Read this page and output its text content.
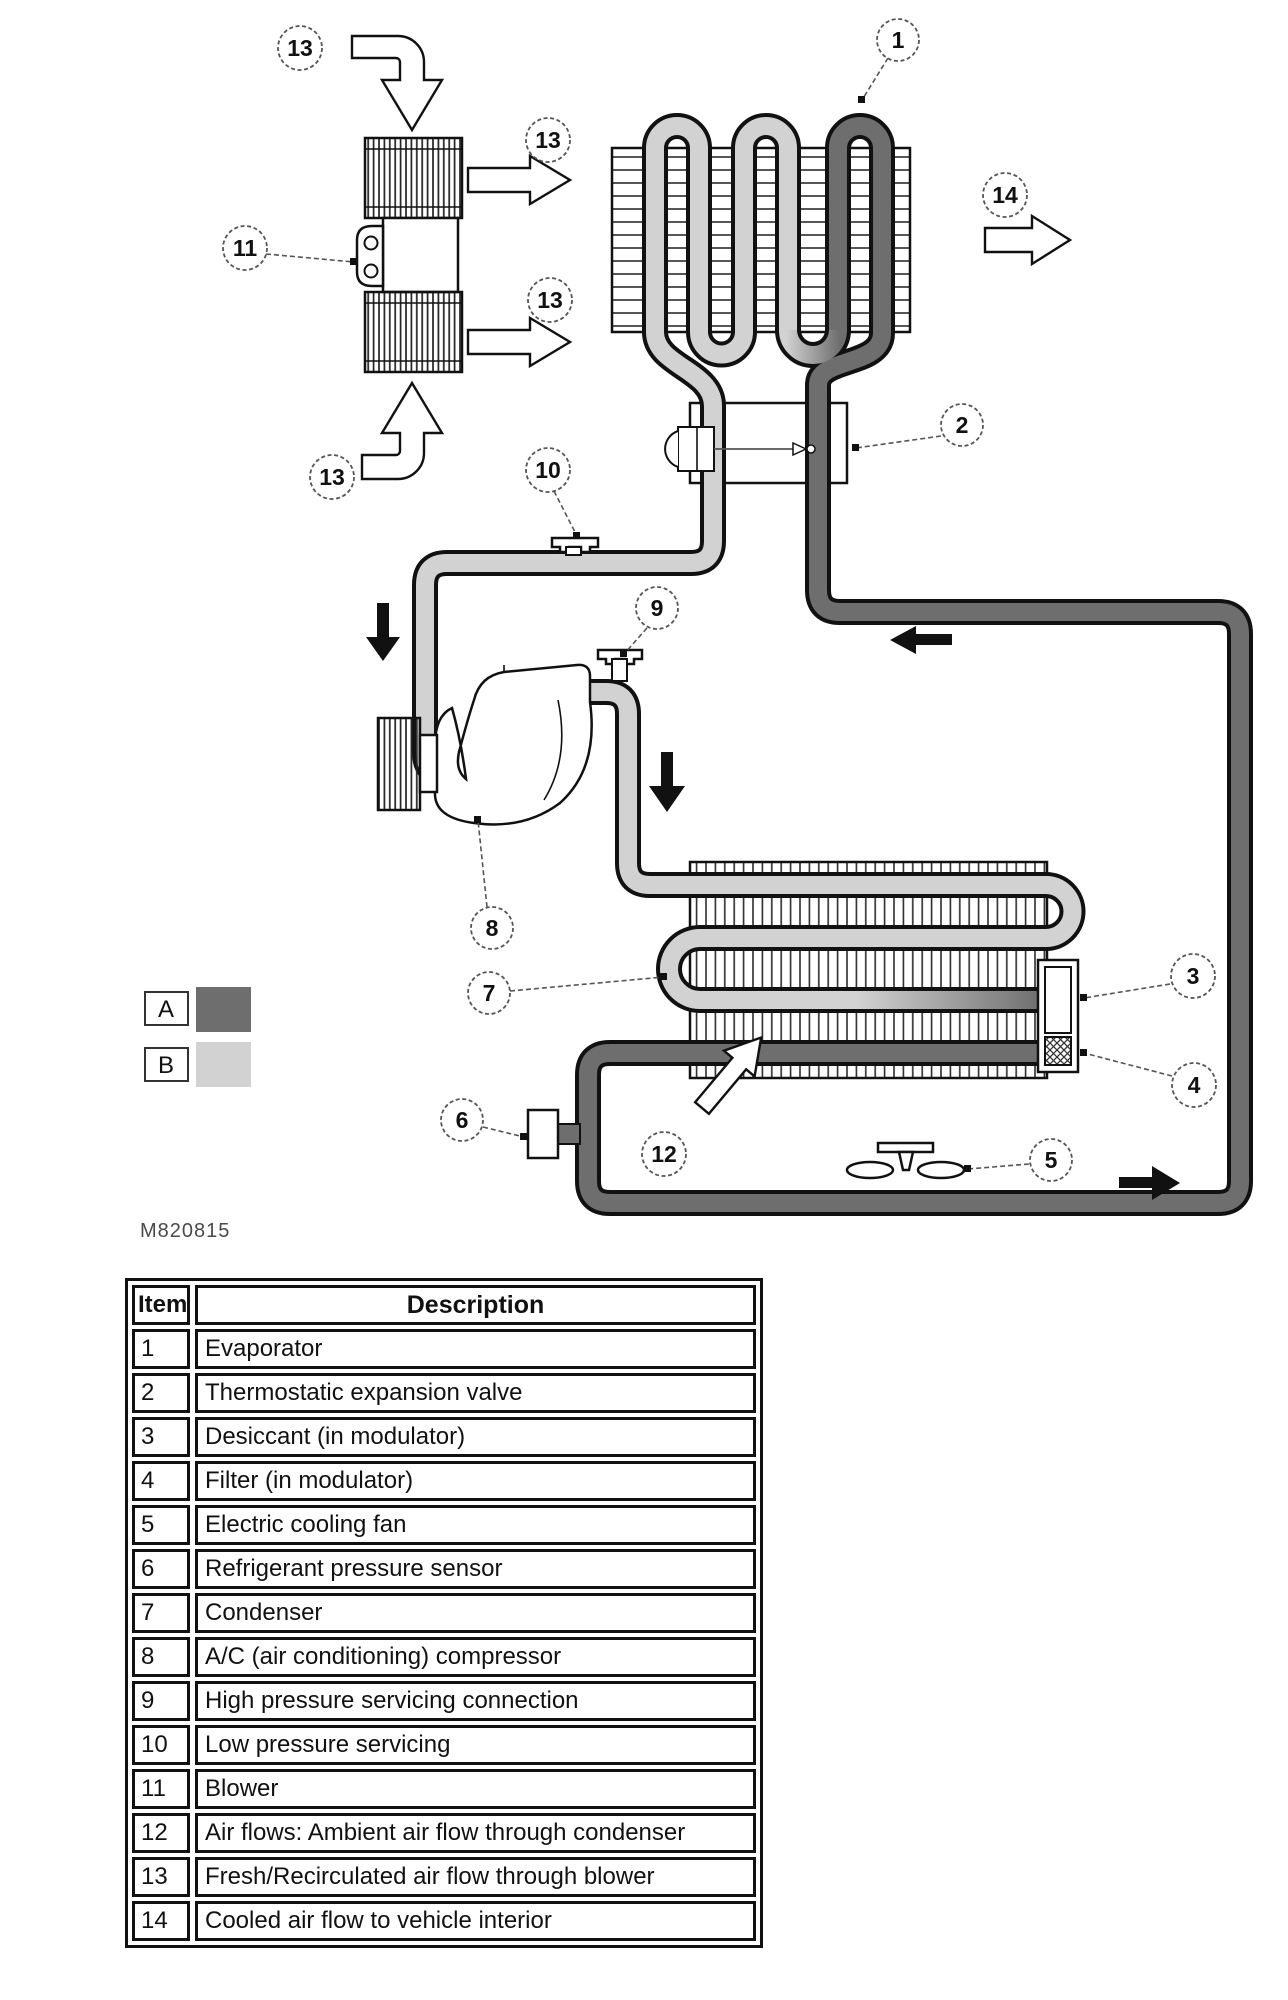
1
2
3
4
5
6
7
8
9
10
11
12
13
13
13
13
14
A
B
M820815
Item	Description
1	Evaporator
2	Thermostatic expansion valve
3	Desiccant (in modulator)
4	Filter (in modulator)
5	Electric cooling fan
6	Refrigerant pressure sensor
7	Condenser
8	A/C (air conditioning) compressor
9	High pressure servicing connection
10	Low pressure servicing
11	Blower
12	Air flows: Ambient air flow through condenser
13	Fresh/Recirculated air flow through blower
14	Cooled air flow to vehicle interior
